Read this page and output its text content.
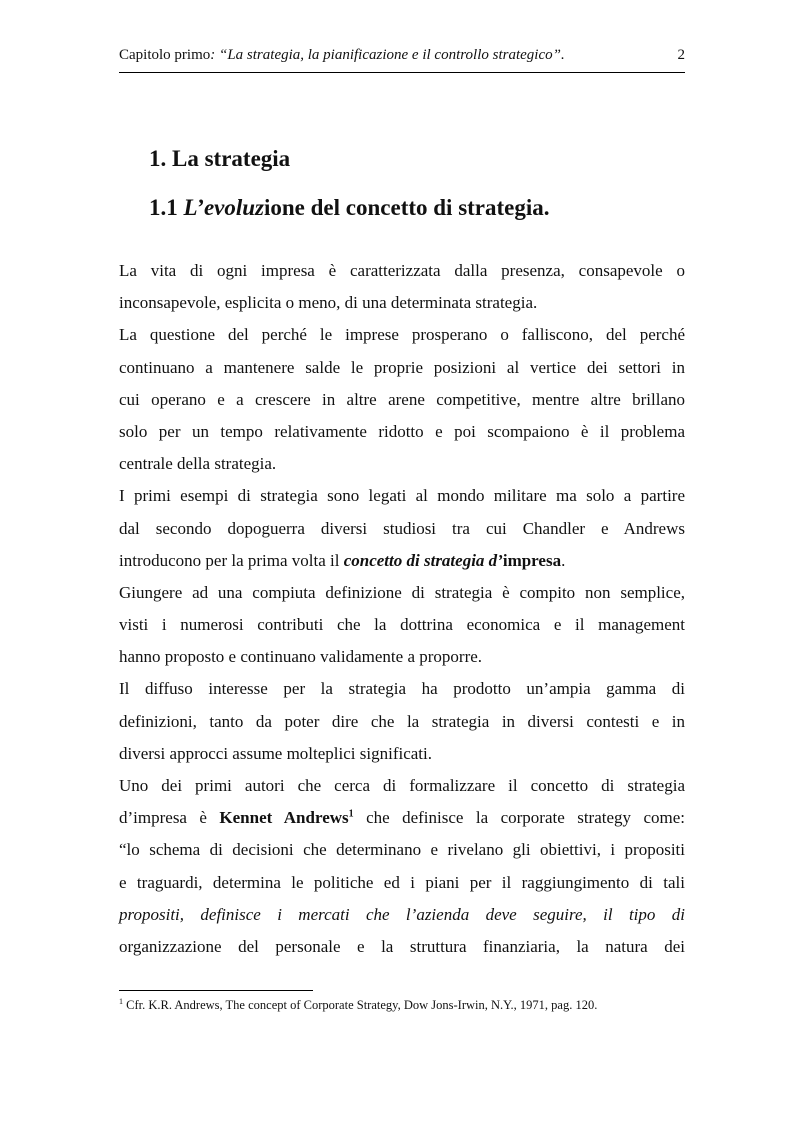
Capitolo primo: “La strategia, la pianificazione e il controllo strategico”.	2
1. La strategia
1.1 L’evoluzione del concetto di strategia.
La vita di ogni impresa è caratterizzata dalla presenza, consapevole o
inconsapevole, esplicita o meno, di una determinata strategia.
La questione del perché le imprese prosperano o falliscono, del perché
continuano a mantenere salde le proprie posizioni al vertice dei settori in
cui operano e a crescere in altre arene competitive, mentre altre brillano
solo per un tempo relativamente ridotto e poi scompaiono è il problema
centrale della strategia.
I primi esempi di strategia sono legati al mondo militare ma solo a partire
dal secondo dopoguerra diversi studiosi tra cui Chandler e Andrews
introducono per la prima volta il concetto di strategia d’impresa.
Giungere ad una compiuta definizione di strategia è compito non semplice,
visti i numerosi contributi che la dottrina economica e il management
hanno proposto e continuano validamente a proporre.
Il diffuso interesse per la strategia ha prodotto un’ampia gamma di
definizioni, tanto da poter dire che la strategia in diversi contesti e in
diversi approcci assume molteplici significati.
Uno dei primi autori che cerca di formalizzare il concetto di strategia
d’impresa è Kennet Andrews$^1$ che definisce la corporate strategy come:
“lo schema di decisioni che determinano e rivelano gli obiettivi, i propositi
e traguardi, determina le politiche ed i piani per il raggiungimento di tali
propositi, definisce i mercati che l’azienda deve seguire, il tipo di
organizzazione del personale e la struttura finanziaria, la natura dei
$^1$ Cfr. K.R. Andrews, The concept of Corporate Strategy, Dow Jons-Irwin, N.Y., 1971, pag. 120.
